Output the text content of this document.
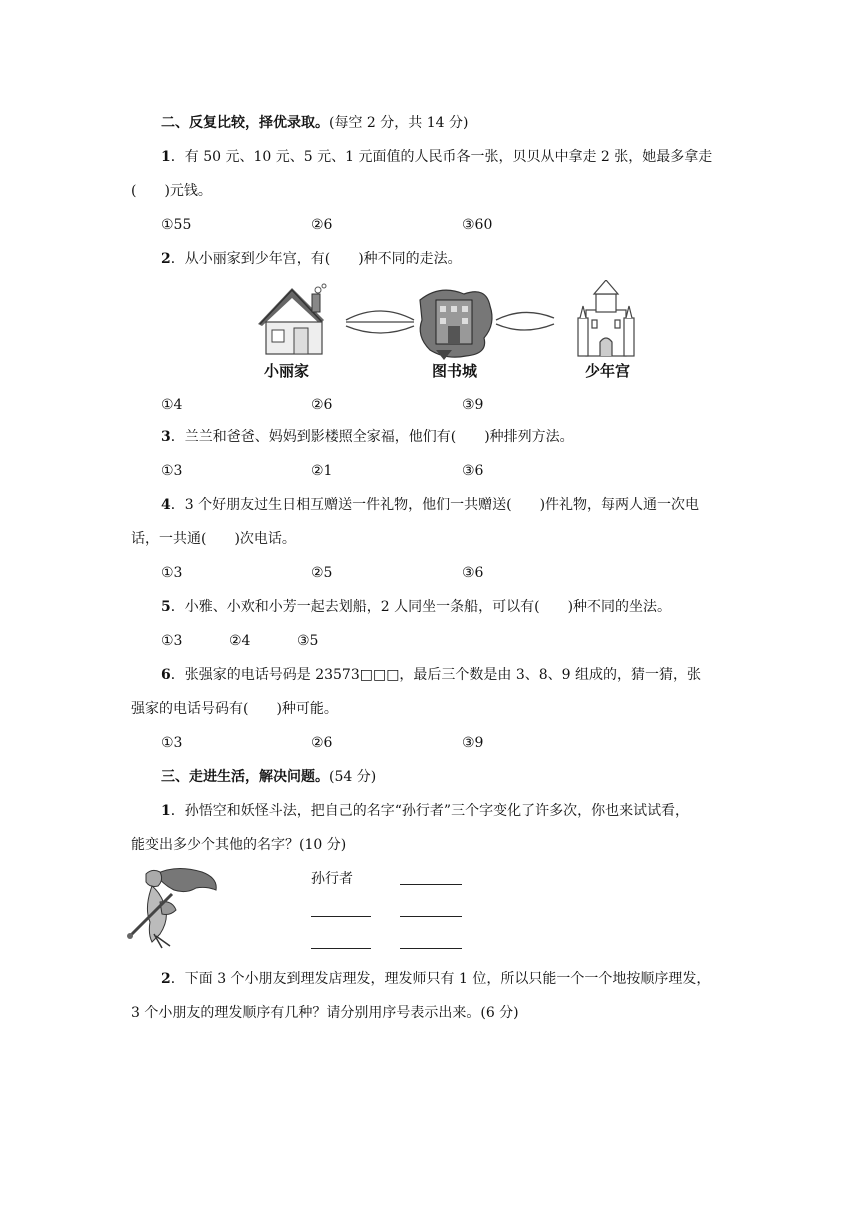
二、反复比较，择优录取。(每空 2 分，共 14 分)
1．有 50 元、10 元、5 元、1 元面值的人民币各一张，贝贝从中拿走 2 张，她最多拿走
(　　)元钱。
①55	②6	③60
2．从小丽家到少年宫，有(　　)种不同的走法。
小丽家	图书城	少年宫
①4	②6	③9
3．兰兰和爸爸、妈妈到影楼照全家福，他们有(　　)种排列方法。
①3	②1	③6
4．3 个好朋友过生日相互赠送一件礼物，他们一共赠送(　　)件礼物，每两人通一次电
话，一共通(　　)次电话。
①3	②5	③6
5．小雅、小欢和小芳一起去划船，2 人同坐一条船，可以有(　　)种不同的坐法。
①3	②4	③5
6．张强家的电话号码是 23573□□□，最后三个数是由 3、8、9 组成的，猜一猜，张
强家的电话号码有(　　)种可能。
①3	②6	③9
三、走进生活，解决问题。(54 分)
1．孙悟空和妖怪斗法，把自己的名字“孙行者”三个字变化了许多次，你也来试试看，
能变出多少个其他的名字？(10 分)
孙行者
2．下面 3 个小朋友到理发店理发，理发师只有 1 位，所以只能一个一个地按顺序理发，
3 个小朋友的理发顺序有几种？请分别用序号表示出来。(6 分)
